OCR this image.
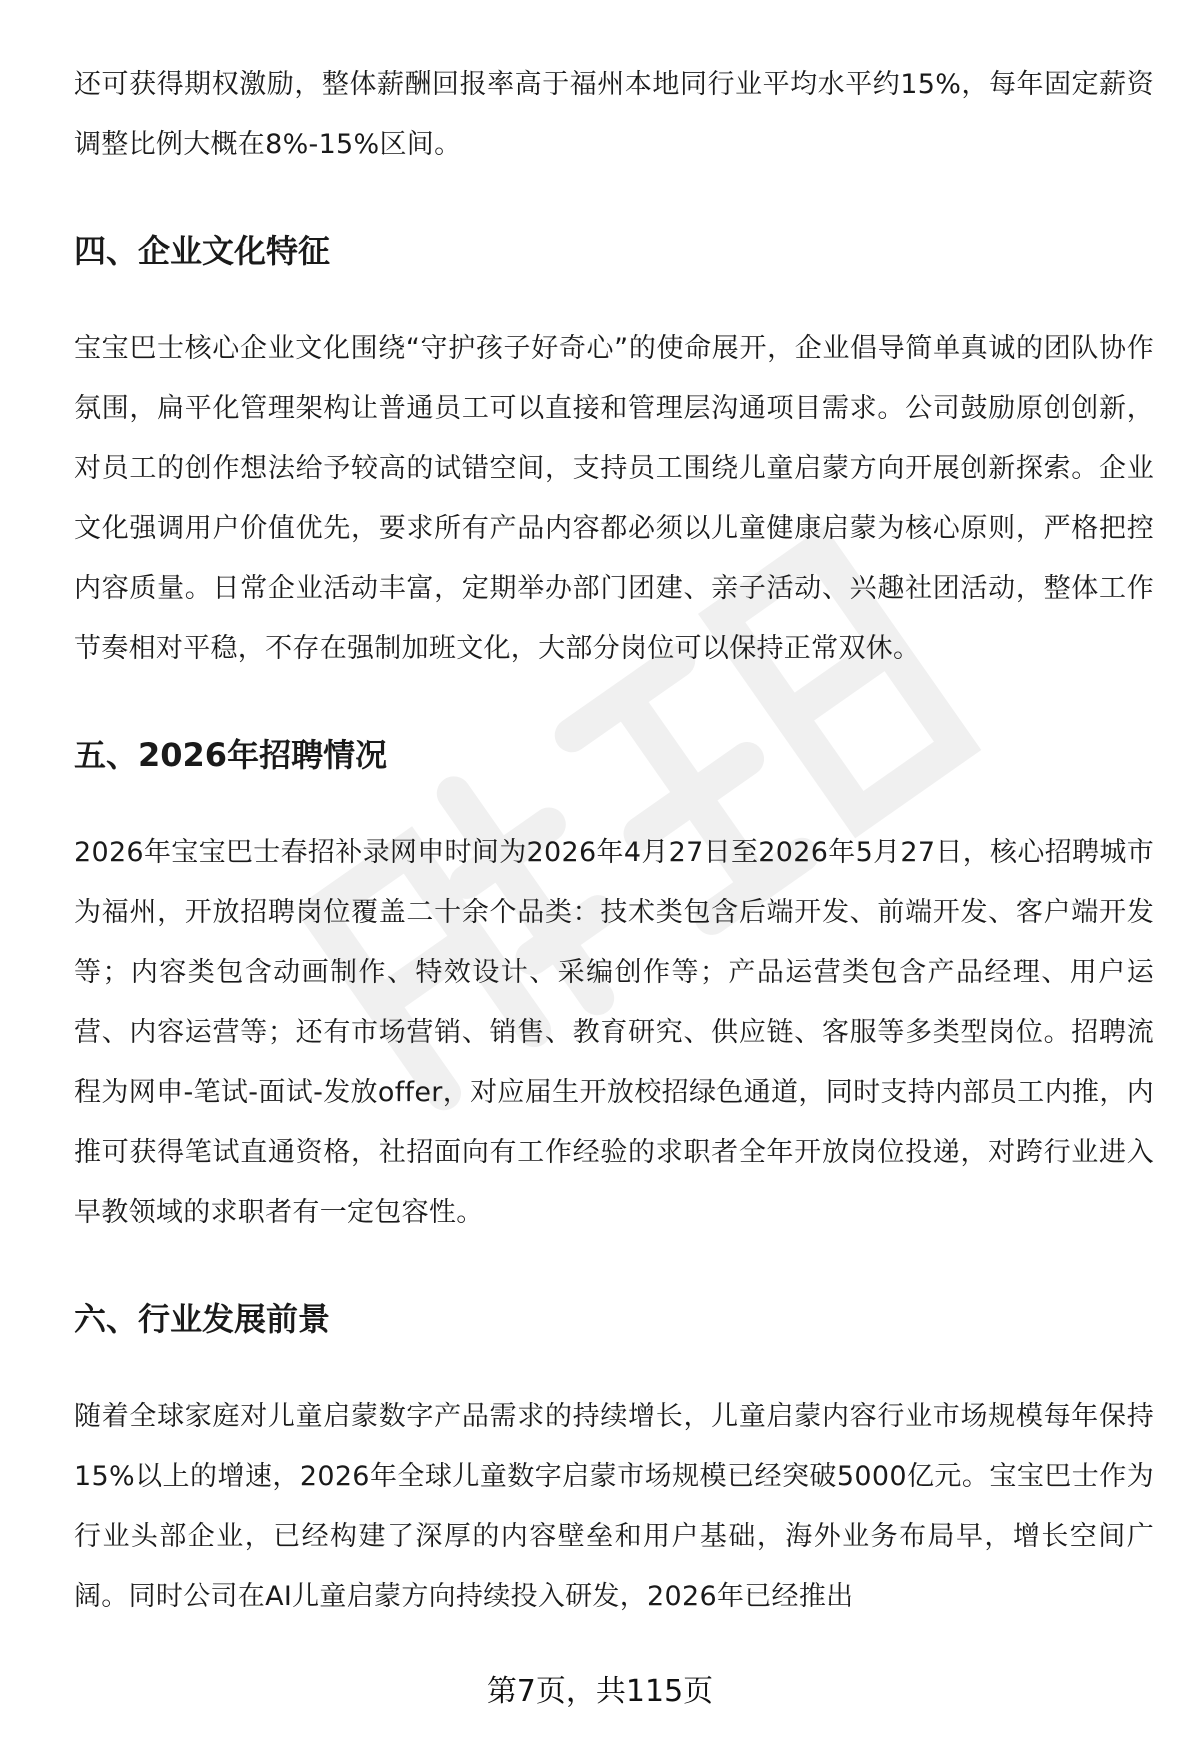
还可获得期权激励，整体薪酬回报率高于福州本地同行业平均水平约15%，每年固定薪资调整比例大概在8%-15%区间。

四、企业文化特征

宝宝巴士核心企业文化围绕“守护孩子好奇心”的使命展开，企业倡导简单真诚的团队协作氛围，扁平化管理架构让普通员工可以直接和管理层沟通项目需求。公司鼓励原创创新，对员工的创作想法给予较高的试错空间，支持员工围绕儿童启蒙方向开展创新探索。企业文化强调用户价值优先，要求所有产品内容都必须以儿童健康启蒙为核心原则，严格把控内容质量。日常企业活动丰富，定期举办部门团建、亲子活动、兴趣社团活动，整体工作节奏相对平稳，不存在强制加班文化，大部分岗位可以保持正常双休。

五、2026年招聘情况

2026年宝宝巴士春招补录网申时间为2026年4月27日至2026年5月27日，核心招聘城市为福州，开放招聘岗位覆盖二十余个品类：技术类包含后端开发、前端开发、客户端开发等；内容类包含动画制作、特效设计、采编创作等；产品运营类包含产品经理、用户运营、内容运营等；还有市场营销、销售、教育研究、供应链、客服等多类型岗位。招聘流程为网申-笔试-面试-发放offer，对应届生开放校招绿色通道，同时支持内部员工内推，内推可获得笔试直通资格，社招面向有工作经验的求职者全年开放岗位投递，对跨行业进入早教领域的求职者有一定包容性。

六、行业发展前景

随着全球家庭对儿童启蒙数字产品需求的持续增长，儿童启蒙内容行业市场规模每年保持15%以上的增速，2026年全球儿童数字启蒙市场规模已经突破5000亿元。宝宝巴士作为行业头部企业，已经构建了深厚的内容壁垒和用户基础，海外业务布局早，增长空间广阔。同时公司在AI儿童启蒙方向持续投入研发，2026年已经推出

第7页，共115页
